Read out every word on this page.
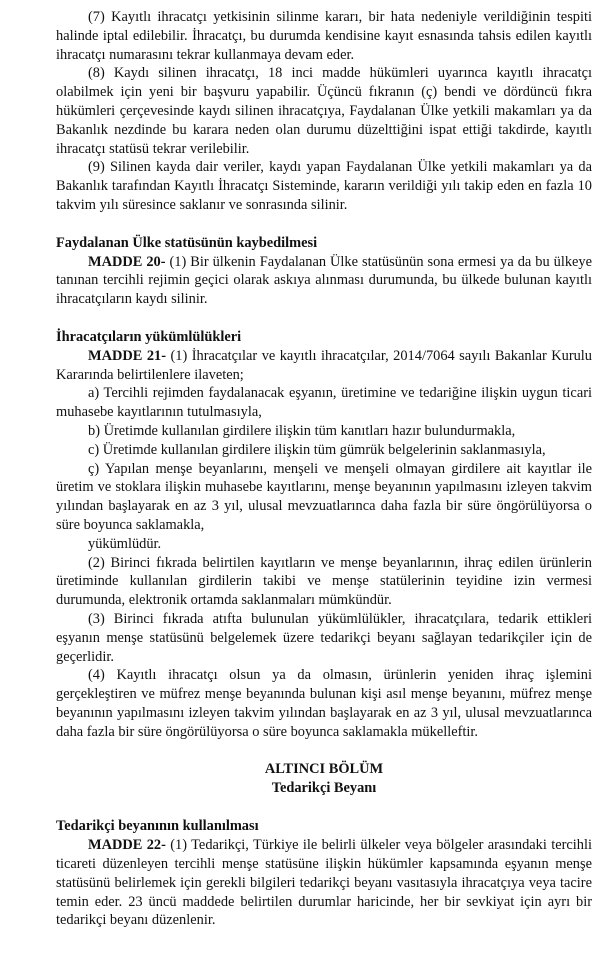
(7) Kayıtlı ihracatçı yetkisinin silinme kararı, bir hata nedeniyle verildiğinin tespiti halinde iptal edilebilir. İhracatçı, bu durumda kendisine kayıt esnasında tahsis edilen kayıtlı ihracatçı numarasını tekrar kullanmaya devam eder.

(8) Kaydı silinen ihracatçı, 18 inci madde hükümleri uyarınca kayıtlı ihracatçı olabilmek için yeni bir başvuru yapabilir. Üçüncü fıkranın (ç) bendi ve dördüncü fıkra hükümleri çerçevesinde kaydı silinen ihracatçıya, Faydalanan Ülke yetkili makamları ya da Bakanlık nezdinde bu karara neden olan durumu düzelttiğini ispat ettiği takdirde, kayıtlı ihracatçı statüsü tekrar verilebilir.

(9) Silinen kayda dair veriler, kaydı yapan Faydalanan Ülke yetkili makamları ya da Bakanlık tarafından Kayıtlı İhracatçı Sisteminde, kararın verildiği yılı takip eden en fazla 10 takvim yılı süresince saklanır ve sonrasında silinir.

Faydalanan Ülke statüsünün kaybedilmesi

MADDE 20- (1) Bir ülkenin Faydalanan Ülke statüsünün sona ermesi ya da bu ülkeye tanınan tercihli rejimin geçici olarak askıya alınması durumunda, bu ülkede bulunan kayıtlı ihracatçıların kaydı silinir.

İhracatçıların yükümlülükleri

MADDE 21- (1) İhracatçılar ve kayıtlı ihracatçılar, 2014/7064 sayılı Bakanlar Kurulu Kararında belirtilenlere ilaveten;

a) Tercihli rejimden faydalanacak eşyanın, üretimine ve tedariğine ilişkin uygun ticari muhasebe kayıtlarının tutulmasıyla,

b) Üretimde kullanılan girdilere ilişkin tüm kanıtları hazır bulundurmakla,

c) Üretimde kullanılan girdilere ilişkin tüm gümrük belgelerinin saklanmasıyla,

ç) Yapılan menşe beyanlarını, menşeli ve menşeli olmayan girdilere ait kayıtlar ile üretim ve stoklara ilişkin muhasebe kayıtlarını, menşe beyanının yapılmasını izleyen takvim yılından başlayarak en az 3 yıl, ulusal mevzuatlarınca daha fazla bir süre öngörülüyorsa o süre boyunca saklamakla,

yükümlüdür.

(2) Birinci fıkrada belirtilen kayıtların ve menşe beyanlarının, ihraç edilen ürünlerin üretiminde kullanılan girdilerin takibi ve menşe statülerinin teyidine izin vermesi durumunda, elektronik ortamda saklanmaları mümkündür.

(3) Birinci fıkrada atıfta bulunulan yükümlülükler, ihracatçılara, tedarik ettikleri eşyanın menşe statüsünü belgelemek üzere tedarikçi beyanı sağlayan tedarikçiler için de geçerlidir.

(4) Kayıtlı ihracatçı olsun ya da olmasın, ürünlerin yeniden ihraç işlemini gerçekleştiren ve müfrez menşe beyanında bulunan kişi asıl menşe beyanını, müfrez menşe beyanının yapılmasını izleyen takvim yılından başlayarak en az 3 yıl, ulusal mevzuatlarınca daha fazla bir süre öngörülüyorsa o süre boyunca saklamakla mükelleftir.

ALTINCI BÖLÜM

Tedarikçi Beyanı

Tedarikçi beyanının kullanılması

MADDE 22- (1) Tedarikçi, Türkiye ile belirli ülkeler veya bölgeler arasındaki tercihli ticareti düzenleyen tercihli menşe statüsüne ilişkin hükümler kapsamında eşyanın menşe statüsünü belirlemek için gerekli bilgileri tedarikçi beyanı vasıtasıyla ihracatçıya veya tacire temin eder. 23 üncü maddede belirtilen durumlar haricinde, her bir sevkiyat için ayrı bir tedarikçi beyanı düzenlenir.
